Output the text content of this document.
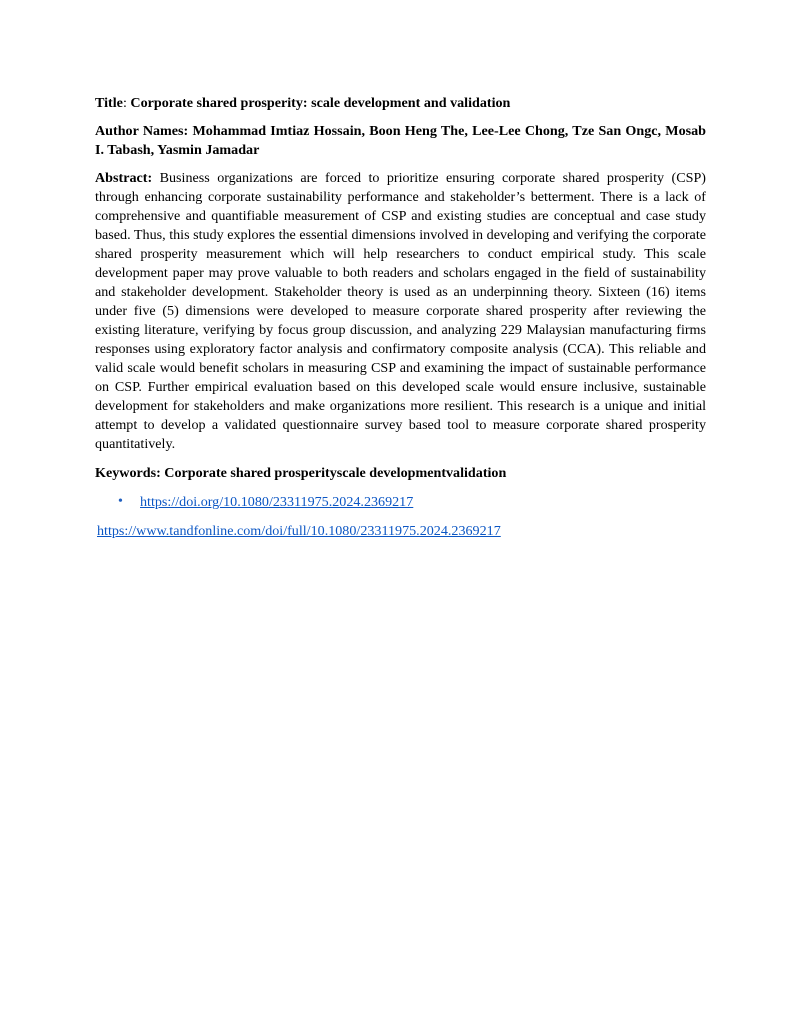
Title: Corporate shared prosperity: scale development and validation

Author Names: Mohammad Imtiaz Hossain, Boon Heng The, Lee-Lee Chong, Tze San Ongc, Mosab I. Tabash, Yasmin Jamadar

Abstract: Business organizations are forced to prioritize ensuring corporate shared prosperity (CSP) through enhancing corporate sustainability performance and stakeholder’s betterment. There is a lack of comprehensive and quantifiable measurement of CSP and existing studies are conceptual and case study based. Thus, this study explores the essential dimensions involved in developing and verifying the corporate shared prosperity measurement which will help researchers to conduct empirical study. This scale development paper may prove valuable to both readers and scholars engaged in the field of sustainability and stakeholder development. Stakeholder theory is used as an underpinning theory. Sixteen (16) items under five (5) dimensions were developed to measure corporate shared prosperity after reviewing the existing literature, verifying by focus group discussion, and analyzing 229 Malaysian manufacturing firms responses using exploratory factor analysis and confirmatory composite analysis (CCA). This reliable and valid scale would benefit scholars in measuring CSP and examining the impact of sustainable performance on CSP. Further empirical evaluation based on this developed scale would ensure inclusive, sustainable development for stakeholders and make organizations more resilient. This research is a unique and initial attempt to develop a validated questionnaire survey based tool to measure corporate shared prosperity quantitatively.

Keywords: Corporate shared prosperityscale developmentvalidation

• https://doi.org/10.1080/23311975.2024.2369217
https://www.tandfonline.com/doi/full/10.1080/23311975.2024.2369217
